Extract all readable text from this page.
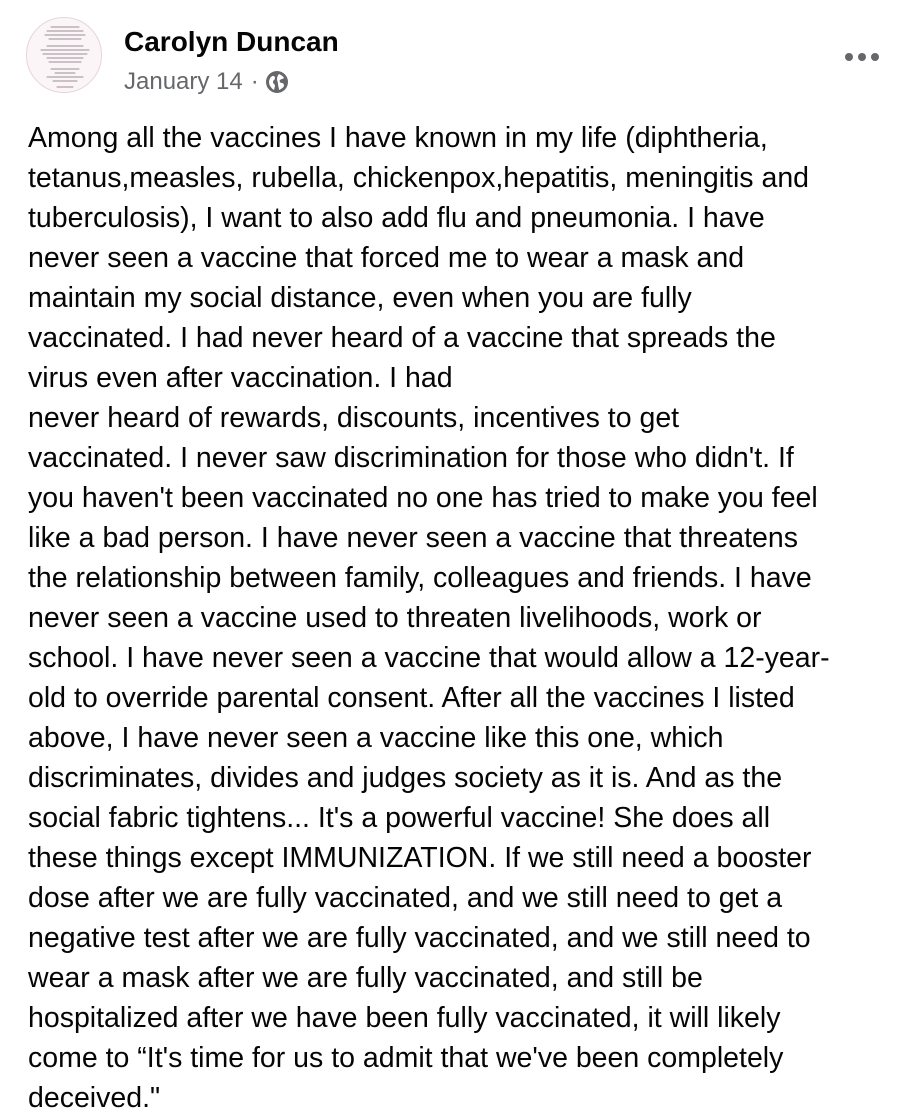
Carolyn Duncan
January 14 ·

Among all the vaccines I have known in my life (diphtheria,

tetanus,measles, rubella, chickenpox,hepatitis, meningitis and

tuberculosis), I want to also add flu and pneumonia. I have

never seen a vaccine that forced me to wear a mask and

maintain my social distance, even when you are fully

vaccinated. I had never heard of a vaccine that spreads the

virus even after vaccination. I had

never heard of rewards, discounts, incentives to get

vaccinated. I never saw discrimination for those who didn't. If

you haven't been vaccinated no one has tried to make you feel

like a bad person. I have never seen a vaccine that threatens

the relationship between family, colleagues and friends. I have

never seen a vaccine used to threaten livelihoods, work or

school. I have never seen a vaccine that would allow a 12-year-

old to override parental consent. After all the vaccines I listed

above, I have never seen a vaccine like this one, which

discriminates, divides and judges society as it is. And as the

social fabric tightens... It's a powerful vaccine! She does all

these things except IMMUNIZATION. If we still need a booster

dose after we are fully vaccinated, and we still need to get a

negative test after we are fully vaccinated, and we still need to

wear a mask after we are fully vaccinated, and still be

hospitalized after we have been fully vaccinated, it will likely

come to “It's time for us to admit that we've been completely

deceived."
